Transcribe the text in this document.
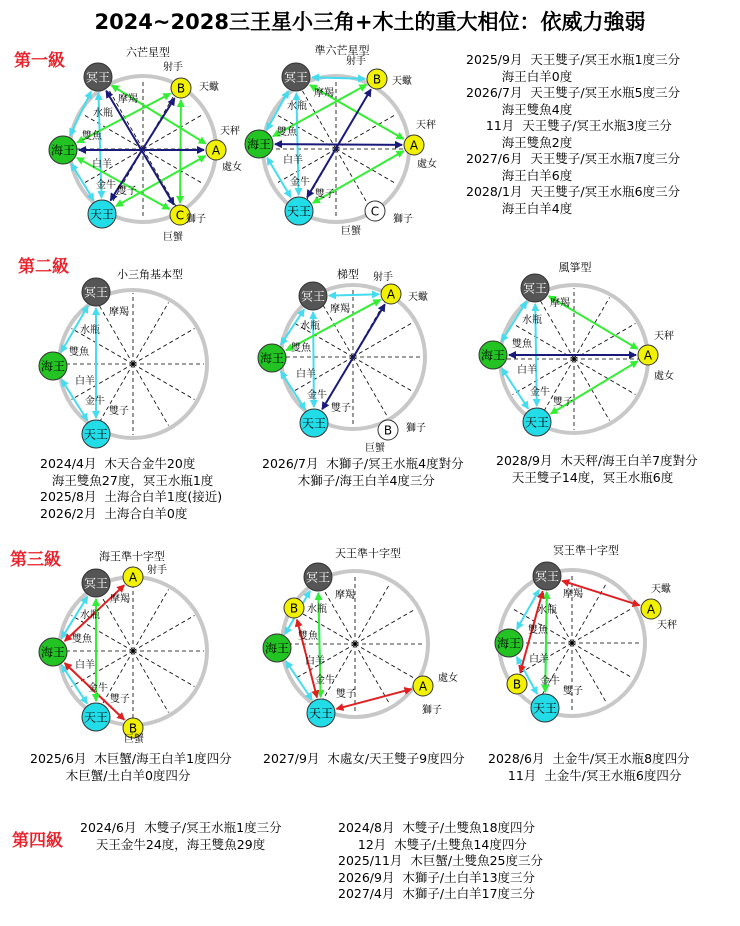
2024~2028三王星小三角+木土的重大相位：依威力強弱
第一級
第二級
第三級
第四級
六芒星型	準六芒星型
小三角基本型	梯型
風箏型
海王準十字型	天王準十字型	冥王準十字型
2025/9月  天王雙子/冥王水瓶1度三分
海王白羊0度
2026/7月  天王雙子/冥王水瓶5度三分
海王雙魚4度
11月  天王雙子/冥王水瓶3度三分
海王雙魚2度
2027/6月  天王雙子/冥王水瓶7度三分
海王白羊6度
2028/1月  天王雙子/冥王水瓶6度三分
海王白羊4度
2024/4月  木天合金牛20度
海王雙魚27度，冥王水瓶1度
2025/8月  土海合白羊1度(接近)
2026/2月  土海合白羊0度
2026/7月  木獅子/冥王水瓶4度對分
木獅子/海王白羊4度三分
2028/9月  木天秤/海王白羊7度對分
天王雙子14度，冥王水瓶6度
2025/6月  木巨蟹/海王白羊1度四分
木巨蟹/土白羊0度四分
2027/9月  木處女/天王雙子9度四分 2028/6月  土金牛/冥王水瓶8度四分
11月  土金牛/冥王水瓶6度四分
2024/6月  木雙子/冥王水瓶1度三分
天王金牛24度，海王雙魚29度
2024/8月  木雙子/土雙魚18度四分
12月  木雙子/土雙魚14度四分
2025/11月  木巨蟹/土雙魚25度三分
2026/9月  木獅子/土白羊13度三分
2027/4月  木獅子/土白羊17度三分
冥王
海王
天王
B
A
C
射手
天蠍
天秤
處女
獅子
巨蟹
摩羯
水瓶
雙魚
白羊
金牛
雙子
冥王
海王
天王
B
A
C
射手
天蠍
天秤
處女
獅子
巨蟹
摩羯
水瓶
雙魚
白羊
金牛
雙子
冥王
海王
天王
摩羯
水瓶
雙魚
白羊
金牛
雙子
冥王
海王
天王
A
B
射手
天蠍
摩羯
水瓶
雙魚
白羊
金牛
雙子
獅子
巨蟹
冥王
海王
天王
A
摩羯
水瓶
雙魚
白羊
金牛
雙子
天秤
處女
冥王
海王
天王
A
B
射手
摩羯
水瓶
雙魚
白羊
金牛
雙子
巨蟹
冥王
海王
天王
B
A
摩羯
水瓶
雙魚
白羊
金牛
雙子
處女
獅子
冥王
海王
天王
A
B
天蠍
天秤
摩羯
水瓶
雙魚
白羊
金牛
雙子
